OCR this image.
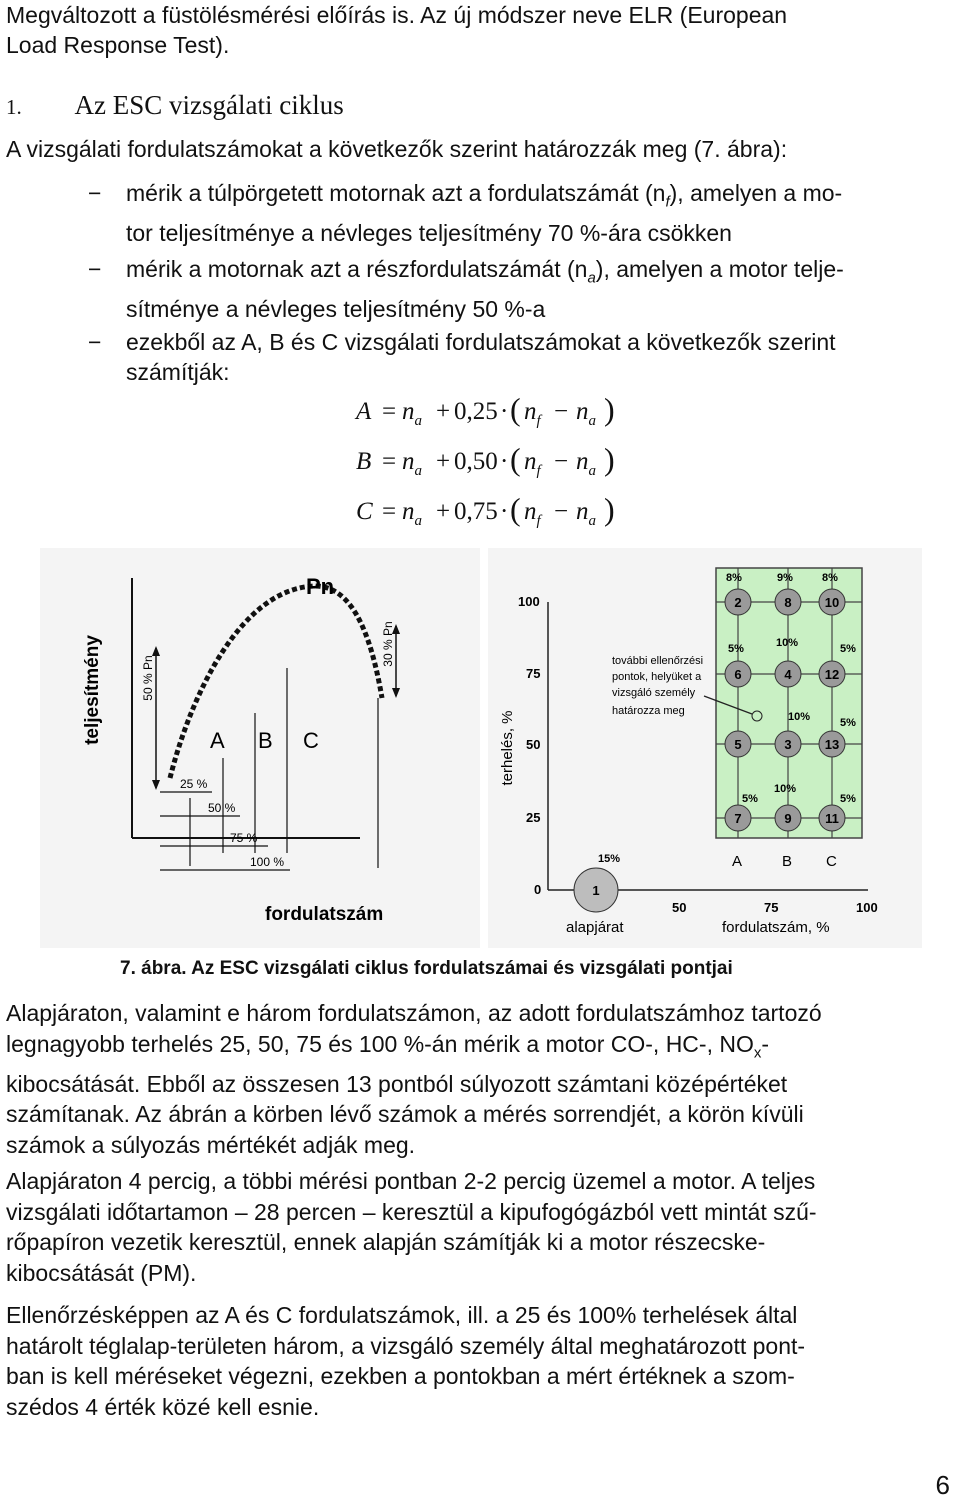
Megváltozott a füstölésmérési előírás is. Az új módszer neve ELR (European

Load Response Test).

1. Az ESC vizsgálati ciklus

A vizsgálati fordulatszámokat a következők szerint határozzák meg (7. ábra):

− mérik a túlpörgetett motornak azt a fordulatszámát $(n_f)$, amelyen a mo-
tor teljesítménye a névleges teljesítmény 70 %-ára csökken

− mérik a motornak azt a részfordulatszámát $(n_a)$, amelyen a motor telje-
sítménye a névleges teljesítmény 50 %-a

− ezekből az A, B és C vizsgálati fordulatszámokat a következők szerint
számítják:

$A = n_a + 0,25$ · ( $n_f - n_a$ )
$B = n_a + 0,50$ · ( $n_f - n_a$ )
$C = n_a + 0,75$ · ( $n_f - n_a$ )
teljesítmény	50 % Pn
30 % Pn
Pn
A B C
25 %
50 %
75 %
100 %
fordulatszám
100
75
50
25
0
terhelés, %
50	75	100
fordulatszám, %
alapjárat
A	B C
8%	9%	8%
5%	10%	5%
10%	5%
5%
10%
5%
2	8	10
6	4	12
5	3	13
7	9	11
1
15%
további ellenőrzési
pontok, helyüket a
vizsgáló személy
határozza meg

7. ábra. Az ESC vizsgálati ciklus fordulatszámai és vizsgálati pontjai

Alapjáraton, valamint e három fordulatszámon, az adott fordulatszámhoz tartozó
legnagyobb terhelés 25, 50, 75 és 100 %-án mérik a motor CO-, HC-, $NO_x-$
kibocsátását. Ebből az összesen 13 pontból súlyozott számtani középértéket
számítanak. Az ábrán a körben lévő számok a mérés sorrendjét, a körön kívüli
számok a súlyozás mértékét adják meg.
Alapjáraton 4 percig, a többi mérési pontban 2-2 percig üzemel a motor. A teljes
vizsgálati időtartamon – 28 percen – keresztül a kipufogógázból vett mintát szű-
rőpapíron vezetik keresztül, ennek alapján számítják ki a motor részecske-
kibocsátását (PM).
Ellenőrzésképpen az A és C fordulatszámok, ill. a 25 és 100% terhelések által
határolt téglalap-területen három, a vizsgáló személy által meghatározott pont-
ban is kell méréseket végezni, ezekben a pontokban a mért értéknek a szom-
szédos 4 érték közé kell esnie.
6
